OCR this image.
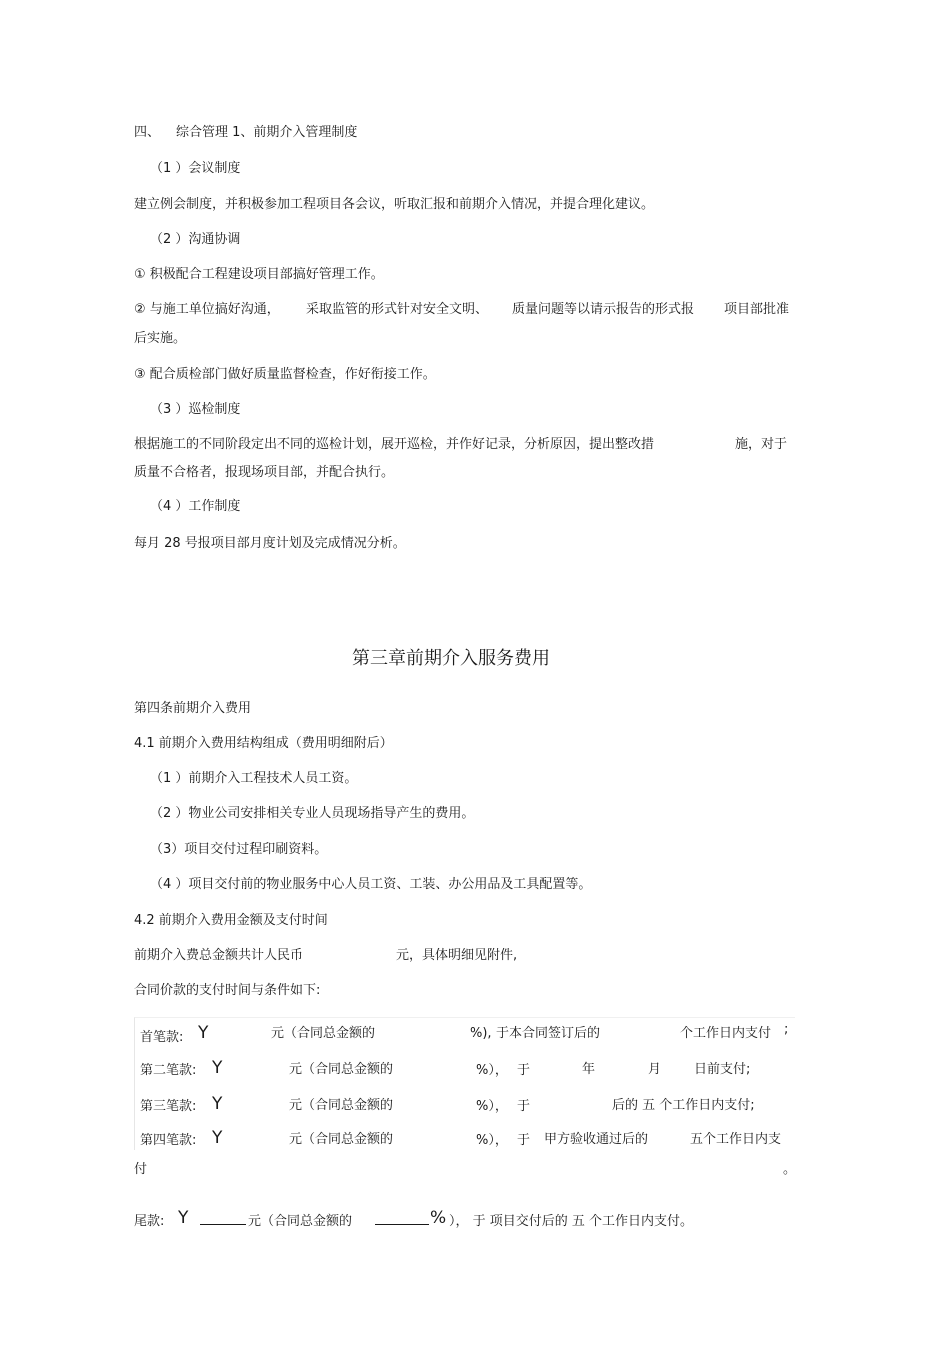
四、 综合管理 1、前期介入管理制度
（1 ）会议制度
建立例会制度，并积极参加工程项目各会议，听取汇报和前期介入情况，并提合理化建议。
（2 ）沟通协调
① 积极配合工程建设项目部搞好管理工作。
② 与施工单位搞好沟通， 采取监管的形式针对安全文明、 质量问题等以请示报告的形式报 项目部批准
后实施。
③ 配合质检部门做好质量监督检查，作好衔接工作。
（3 ）巡检制度
根据施工的不同阶段定出不同的巡检计划，展开巡检，并作好记录，分析原因，提出整改措	施，对于
质量不合格者，报现场项目部，并配合执行。
（4 ）工作制度
每月 28 号报项目部月度计划及完成情况分析。
第三章前期介入服务费用
第四条前期介入费用
4.1 前期介入费用结构组成（费用明细附后）
（1 ）前期介入工程技术人员工资。
（2 ）物业公司安排相关专业人员现场指导产生的费用。
（3）项目交付过程印刷资料。
（4 ）项目交付前的物业服务中心人员工资、工装、办公用品及工具配置等。
4.2 前期介入费用金额及支付时间
前期介入费总金额共计人民币	元，具体明细见附件,
合同价款的支付时间与条件如下:
首笔款: Y	元（合同总金额的	%), 于本合同签订后的	个工作日内支付 ;
第二笔款: Y	元（合同总金额的	%）， 于	年	月	日前支付;
第三笔款: Y	元（合同总金额的	%）， 于	后的 五 个工作日内支付;
第四笔款: Y	元（合同总金额的	%）， 于 甲方验收通过后的	五个工作日内支
付	。
尾款: Y	元（合同总金额的	% ）， 于 项目交付后的 五 个工作日内支付。
